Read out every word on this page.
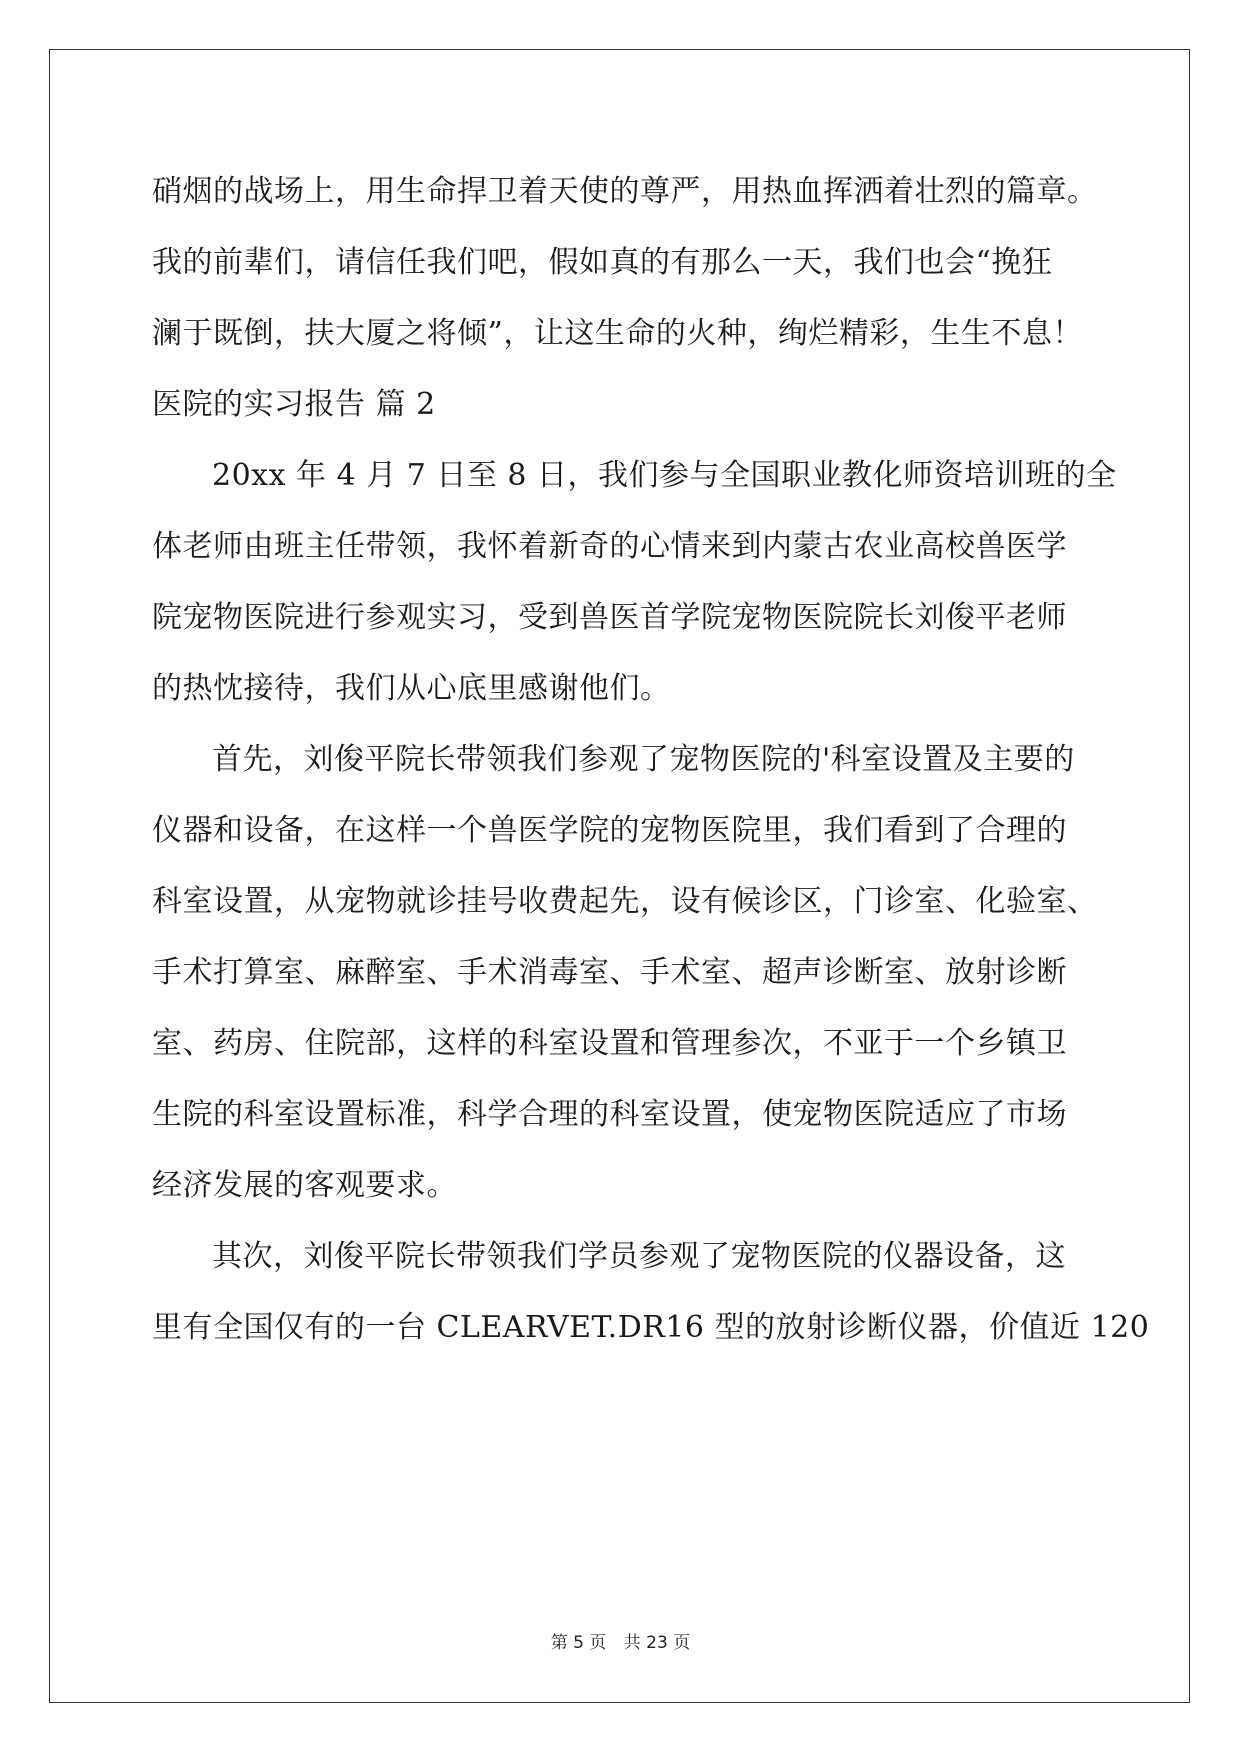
硝烟的战场上，用生命捍卫着天使的尊严，用热血挥洒着壮烈的篇章。
我的前辈们，请信任我们吧，假如真的有那么一天，我们也会“挽狂
澜于既倒，扶大厦之将倾”，让这生命的火种，绚烂精彩，生生不息！
医院的实习报告 篇 2
20xx 年 4 月 7 日至 8 日，我们参与全国职业教化师资培训班的全
体老师由班主任带领，我怀着新奇的心情来到内蒙古农业高校兽医学
院宠物医院进行参观实习，受到兽医首学院宠物医院院长刘俊平老师
的热忱接待，我们从心底里感谢他们。
首先，刘俊平院长带领我们参观了宠物医院的'科室设置及主要的
仪器和设备，在这样一个兽医学院的宠物医院里，我们看到了合理的
科室设置，从宠物就诊挂号收费起先，设有候诊区，门诊室、化验室、
手术打算室、麻醉室、手术消毒室、手术室、超声诊断室、放射诊断
室、药房、住院部，这样的科室设置和管理参次，不亚于一个乡镇卫
生院的科室设置标准，科学合理的科室设置，使宠物医院适应了市场
经济发展的客观要求。
其次，刘俊平院长带领我们学员参观了宠物医院的仪器设备，这
里有全国仅有的一台 CLEARVET.DR16 型的放射诊断仪器，价值近 120
第 5 页 共 23 页
